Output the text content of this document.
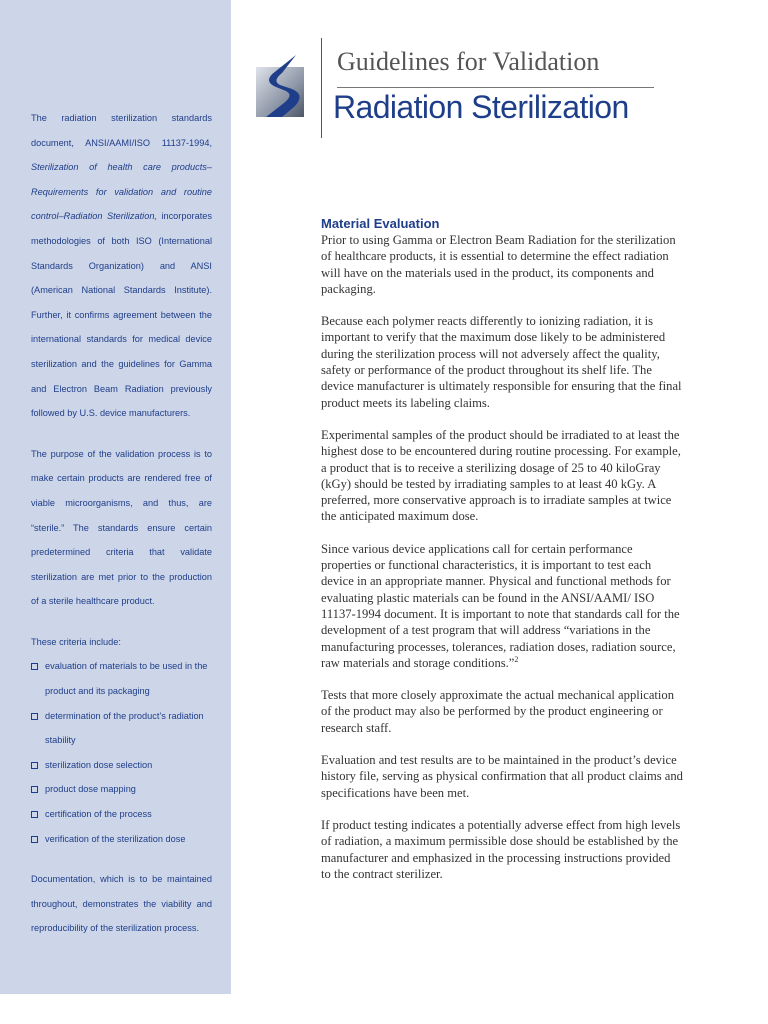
The radiation sterilization standards document, ANSI/AAMI/ISO 11137-1994, Sterilization of health care products–Requirements for validation and routine control–Radiation Sterilization, incorporates methodologies of both ISO (International Standards Organization) and ANSI (American National Standards Institute). Further, it confirms agreement between the international standards for medical device sterilization and the guidelines for Gamma and Electron Beam Radiation previously followed by U.S. device manufacturers.

The purpose of the validation process is to make certain products are rendered free of viable microorganisms, and thus, are “sterile.” The standards ensure certain predetermined criteria that validate sterilization are met prior to the production of a sterile healthcare product.

These criteria include:

evaluation of materials to be used in the product and its packaging
determination of the product’s radiation stability
sterilization dose selection
product dose mapping
certification of the process
verification of the sterilization dose

Documentation, which is to be maintained throughout, demonstrates the viability and reproducibility of the sterilization process.

Guidelines for Validation
Radiation Sterilization
Material Evaluation

Prior to using Gamma or Electron Beam Radiation for the sterilization of healthcare products, it is essential to determine the effect radiation will have on the materials used in the product, its components and packaging.

Because each polymer reacts differently to ionizing radiation, it is important to verify that the maximum dose likely to be administered during the sterilization process will not adversely affect the quality, safety or performance of the product throughout its shelf life. The device manufacturer is ultimately responsible for ensuring that the final product meets its labeling claims.

Experimental samples of the product should be irradiated to at least the highest dose to be encountered during routine processing. For example, a product that is to receive a sterilizing dosage of 25 to 40 kiloGray (kGy) should be tested by irradiating samples to at least 40 kGy. A preferred, more conservative approach is to irradiate samples at twice the anticipated maximum dose.

Since various device applications call for certain performance properties or functional characteristics, it is important to test each device in an appropriate manner. Physical and functional methods for evaluating plastic materials can be found in the ANSI/AAMI/ ISO 11137-1994 document. It is important to note that standards call for the development of a test program that will address “variations in the manufacturing processes, tolerances, radiation doses, radiation source, raw materials and storage conditions.”$^2$

Tests that more closely approximate the actual mechanical application of the product may also be performed by the product engineering or research staff.

Evaluation and test results are to be maintained in the product’s device history file, serving as physical confirmation that all product claims and specifications have been met.

If product testing indicates a potentially adverse effect from high levels of radiation, a maximum permissible dose should be established by the manufacturer and emphasized in the processing instructions provided to the contract sterilizer.
